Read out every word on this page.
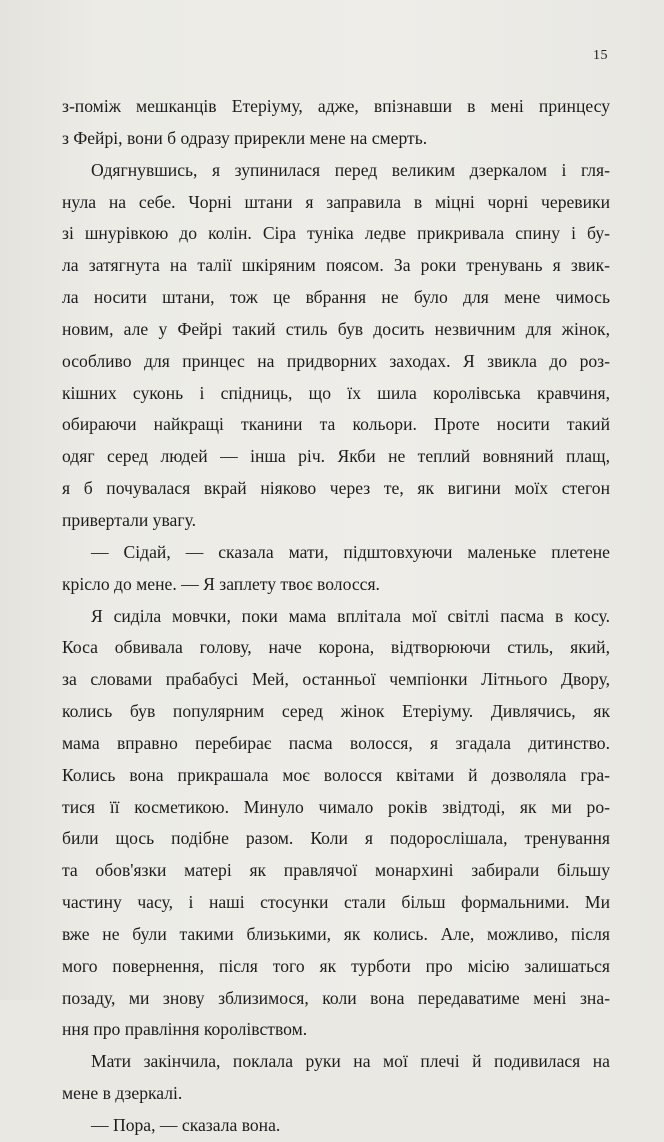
15
з-поміж мешканців Етеріуму, адже, впізнавши в мені принцесу
з Фейрі, вони б одразу прирекли мене на смерть.
Одягнувшись, я зупинилася перед великим дзеркалом і гля-
нула на себе. Чорні штани я заправила в міцні чорні черевики
зі шнурівкою до колін. Сіра туніка ледве прикривала спину і бу-
ла затягнута на талії шкіряним поясом. За роки тренувань я звик-
ла носити штани, тож це вбрання не було для мене чимось
новим, але у Фейрі такий стиль був досить незвичним для жінок,
особливо для принцес на придворних заходах. Я звикла до роз-
кішних суконь і спідниць, що їх шила королівська кравчиня,
обираючи найкращі тканини та кольори. Проте носити такий
одяг серед людей — інша річ. Якби не теплий вовняний плащ,
я б почувалася вкрай ніяково через те, як вигини моїх стегон
привертали увагу.
— Сідай, — сказала мати, підштовхуючи маленьке плетене
крісло до мене. — Я заплету твоє волосся.
Я сиділа мовчки, поки мама вплітала мої світлі пасма в косу.
Коса обвивала голову, наче корона, відтворюючи стиль, який,
за словами прабабусі Мей, останньої чемпіонки Літнього Двору,
колись був популярним серед жінок Етеріуму. Дивлячись, як
мама вправно перебирає пасма волосся, я згадала дитинство.
Колись вона прикрашала моє волосся квітами й дозволяла гра-
тися її косметикою. Минуло чимало років звідтоді, як ми ро-
били щось подібне разом. Коли я подорослішала, тренування
та обов'язки матері як правлячої монархині забирали більшу
частину часу, і наші стосунки стали більш формальними. Ми
вже не були такими близькими, як колись. Але, можливо, після
мого повернення, після того як турботи про місію залишаться
позаду, ми знову зблизимося, коли вона передаватиме мені зна-
ння про правління королівством.
Мати закінчила, поклала руки на мої плечі й подивилася на
мене в дзеркалі.
— Пора, — сказала вона.
